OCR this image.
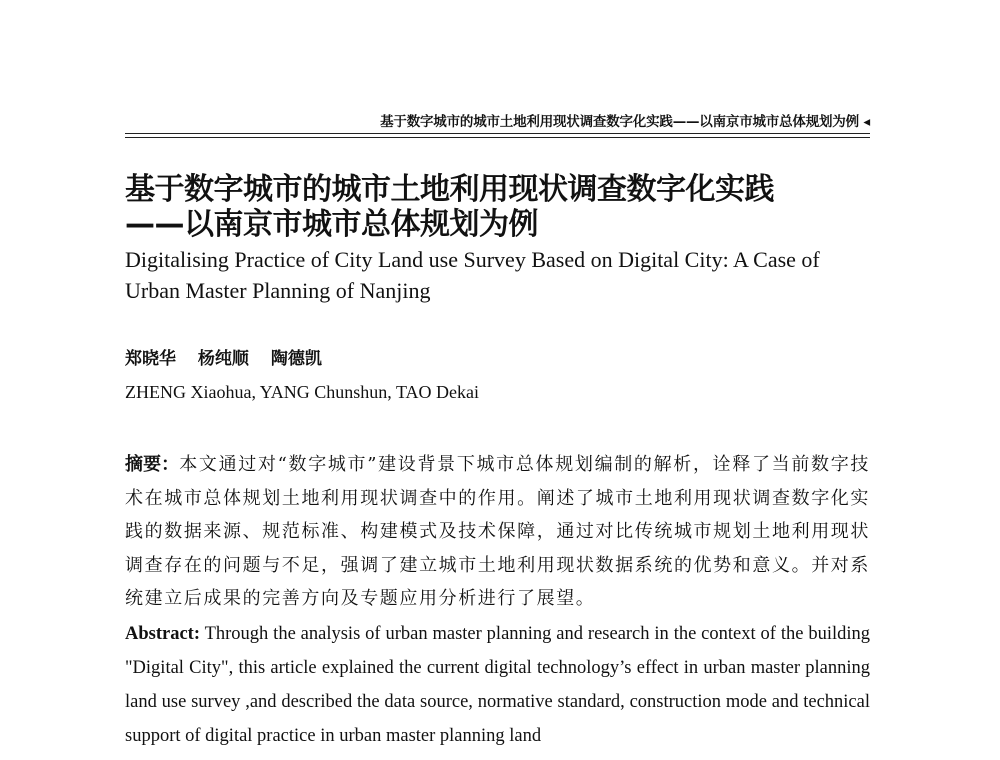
基于数字城市的城市土地利用现状调查数字化实践——以南京市城市总体规划为例 ◂
基于数字城市的城市土地利用现状调查数字化实践
——以南京市城市总体规划为例
Digitalising Practice of City Land use Survey Based on Digital City: A Case of Urban Master Planning of Nanjing
郑晓华 杨纯顺 陶德凯
ZHENG Xiaohua, YANG Chunshun, TAO Dekai
摘要：本文通过对“数字城市”建设背景下城市总体规划编制的解析，诠释了当前数字技术在城市总体规划土地利用现状调查中的作用。阐述了城市土地利用现状调查数字化实践的数据来源、规范标准、构建模式及技术保障，通过对比传统城市规划土地利用现状调查存在的问题与不足，强调了建立城市土地利用现状数据系统的优势和意义。并对系统建立后成果的完善方向及专题应用分析进行了展望。
Abstract: Through the analysis of urban master planning and research in the context of the building "Digital City", this article explained the current digital technology’s effect in urban master planning land use survey ,and described the data source, normative standard, construction mode and technical support of digital practice in urban master planning land
